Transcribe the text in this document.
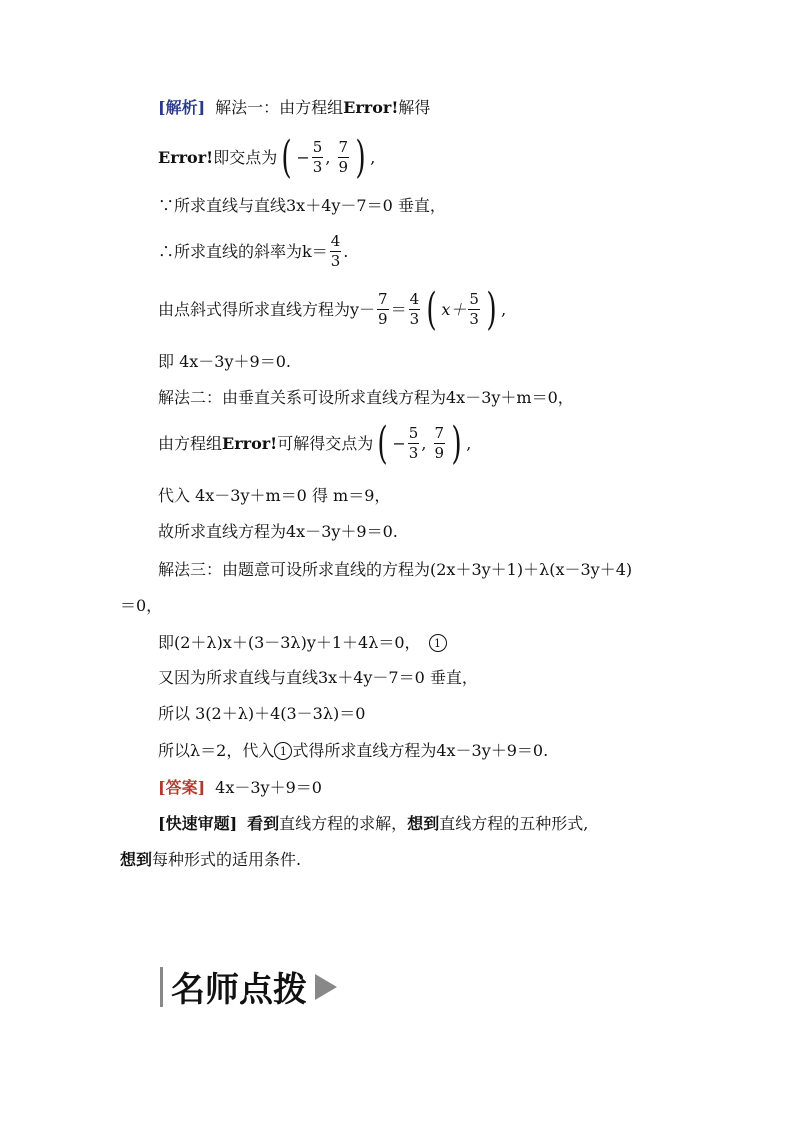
[解析] 解法一：由方程组 Error! 解得
Error! 即交点为 ( − $\frac{5}{3}$ , $\frac{7}{9}$ ) ,
∵所求直线与直线3x＋4y－7＝0 垂直，
∴所求直线的斜率为$k= \frac{4}{3}$ .
由点斜式得所求直线方程为$y- \frac{7}{9} = \frac{4}{3}$ ( $x+ \frac{5}{3}$ ) ,
即 4x－3y＋9＝0.
解法二：由垂直关系可设所求直线方程为4x－3y＋m＝0，
由方程组 Error! 可解得交点为 ( − $\frac{5}{3}$ , $\frac{7}{9}$ ) ,
代入 4x－3y＋m＝0 得 m＝9，
故所求直线方程为4x－3y＋9＝0.
解法三：由题意可设所求直线的方程为(2x＋3y＋1)＋λ(x－3y＋4)
＝0，
即(2＋λ)x＋(3－3λ)y＋1＋4λ＝0，	1
又因为所求直线与直线3x＋4y－7＝0 垂直，
所以 3(2＋λ)＋4(3－3λ)＝0
所以λ＝2，代入 1 式得所求直线方程为4x－3y＋9＝0.
[答案] 4x－3y＋9＝0
[快速审题] 看到 直线方程的求解， 想到 直线方程的五种形式,
想到 每种形式的适用条件.
名师点拨
